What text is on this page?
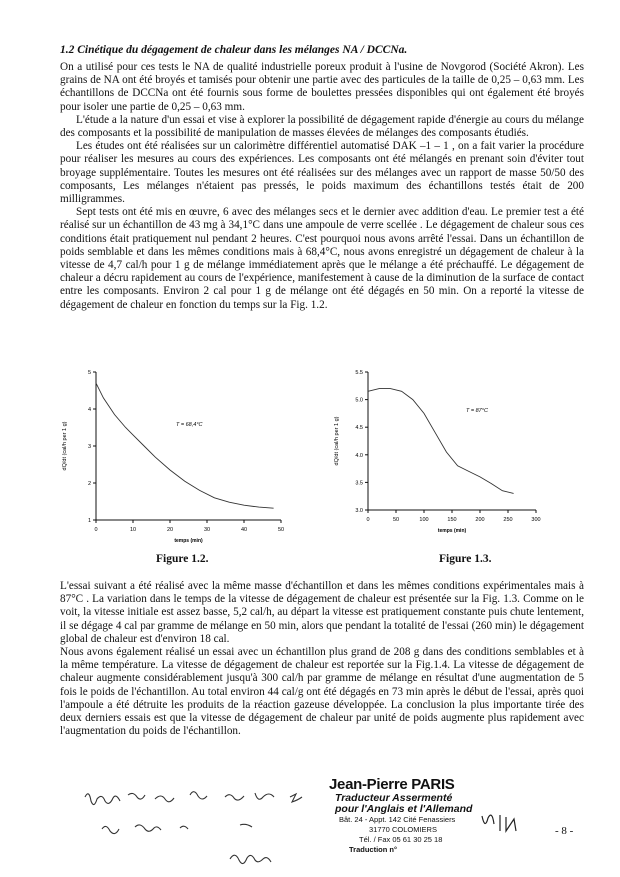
1.2 Cinétique du dégagement de chaleur dans les mélanges NA / DCCNa.

On a utilisé pour ces tests le NA de qualité industrielle poreux produit à l'usine de Novgorod (Société Akron). Les grains de NA ont été broyés et tamisés pour obtenir une partie avec des particules de la taille de 0,25 – 0,63 mm. Les échantillons de DCCNa ont été fournis sous forme de boulettes pressées disponibles qui ont également été broyés pour isoler une partie de 0,25 – 0,63 mm.

L'étude a la nature d'un essai et vise à explorer la possibilité de dégagement rapide d'énergie au cours du mélange des composants et la possibilité de manipulation de masses élevées de mélanges des composants étudiés.

Les études ont été réalisées sur un calorimètre différentiel automatisé DAK –1 – 1 , on a fait varier la procédure pour réaliser les mesures au cours des expériences. Les composants ont été mélangés en prenant soin d'éviter tout broyage supplémentaire. Toutes les mesures ont été réalisées sur des mélanges avec un rapport de masse 50/50 des composants, Les mélanges n'étaient pas pressés, le poids maximum des échantillons testés était de 200 milligrammes.

Sept tests ont été mis en œuvre, 6 avec des mélanges secs et le dernier avec addition d'eau. Le premier test a été réalisé sur un échantillon de 43 mg à 34,1°C dans une ampoule de verre scellée . Le dégagement de chaleur sous ces conditions était pratiquement nul pendant 2 heures. C'est pourquoi nous avons arrêté l'essai. Dans un échantillon de poids semblable et dans les mêmes conditions mais à 68,4°C, nous avons enregistré un dégagement de chaleur à la vitesse de 4,7 cal/h pour 1 g de mélange immédiatement après que le mélange a été préchauffé. Le dégagement de chaleur a décru rapidement au cours de l'expérience, manifestement à cause de la diminution de la surface de contact entre les composants. Environ 2 cal pour 1 g de mélange ont été dégagés en 50 min. On a reporté la vitesse de dégagement de chaleur en fonction du temps sur la Fig. 1.2.

0	10	20	30	40	50
1
2
3
4
5
T = 68,4°C
temps (min)
dQ/dt (cal/h per 1 g)
Figure 1.2.
0	50	100	150	200	250	300
3.0
3.5
4.0
4.5
5.0
5.5
T = 87°C
temps (min)
dQ/dt (cal/h per 1 g)
Figure 1.3.

L'essai suivant a été réalisé avec la même masse d'échantillon et dans les mêmes conditions expérimentales mais à 87°C . La variation dans le temps de la vitesse de dégagement de chaleur est présentée sur la Fig. 1.3. Comme on le voit, la vitesse initiale est assez basse, 5,2 cal/h, au départ la vitesse est pratiquement constante puis chute lentement, il se dégage 4 cal par gramme de mélange en 50 min, alors que pendant la totalité de l'essai (260 min) le dégagement global de chaleur est d'environ 18 cal.

Nous avons également réalisé un essai avec un échantillon plus grand de 208 g dans des conditions semblables et à la même température. La vitesse de dégagement de chaleur est reportée sur la Fig.1.4. La vitesse de dégagement de chaleur augmente considérablement jusqu'à 300 cal/h par gramme de mélange en résultat d'une augmentation de 5 fois le poids de l'échantillon. Au total environ 44 cal/g ont été dégagés en 73 min après le début de l'essai, après quoi l'ampoule a été détruite les produits de la réaction gazeuse développée. La conclusion la plus importante tirée des deux derniers essais est que la vitesse de dégagement de chaleur par unité de poids augmente plus rapidement avec l'augmentation du poids de l'échantillon.

Jean-Pierre PARIS
Traducteur Assermenté
pour l'Anglais et l'Allemand
Bât. 24 - Appt. 142 Cité Fenassiers
31770 COLOMIERS
Tél. / Fax 05 61 30 25 18
Traduction n°
- 8 -
